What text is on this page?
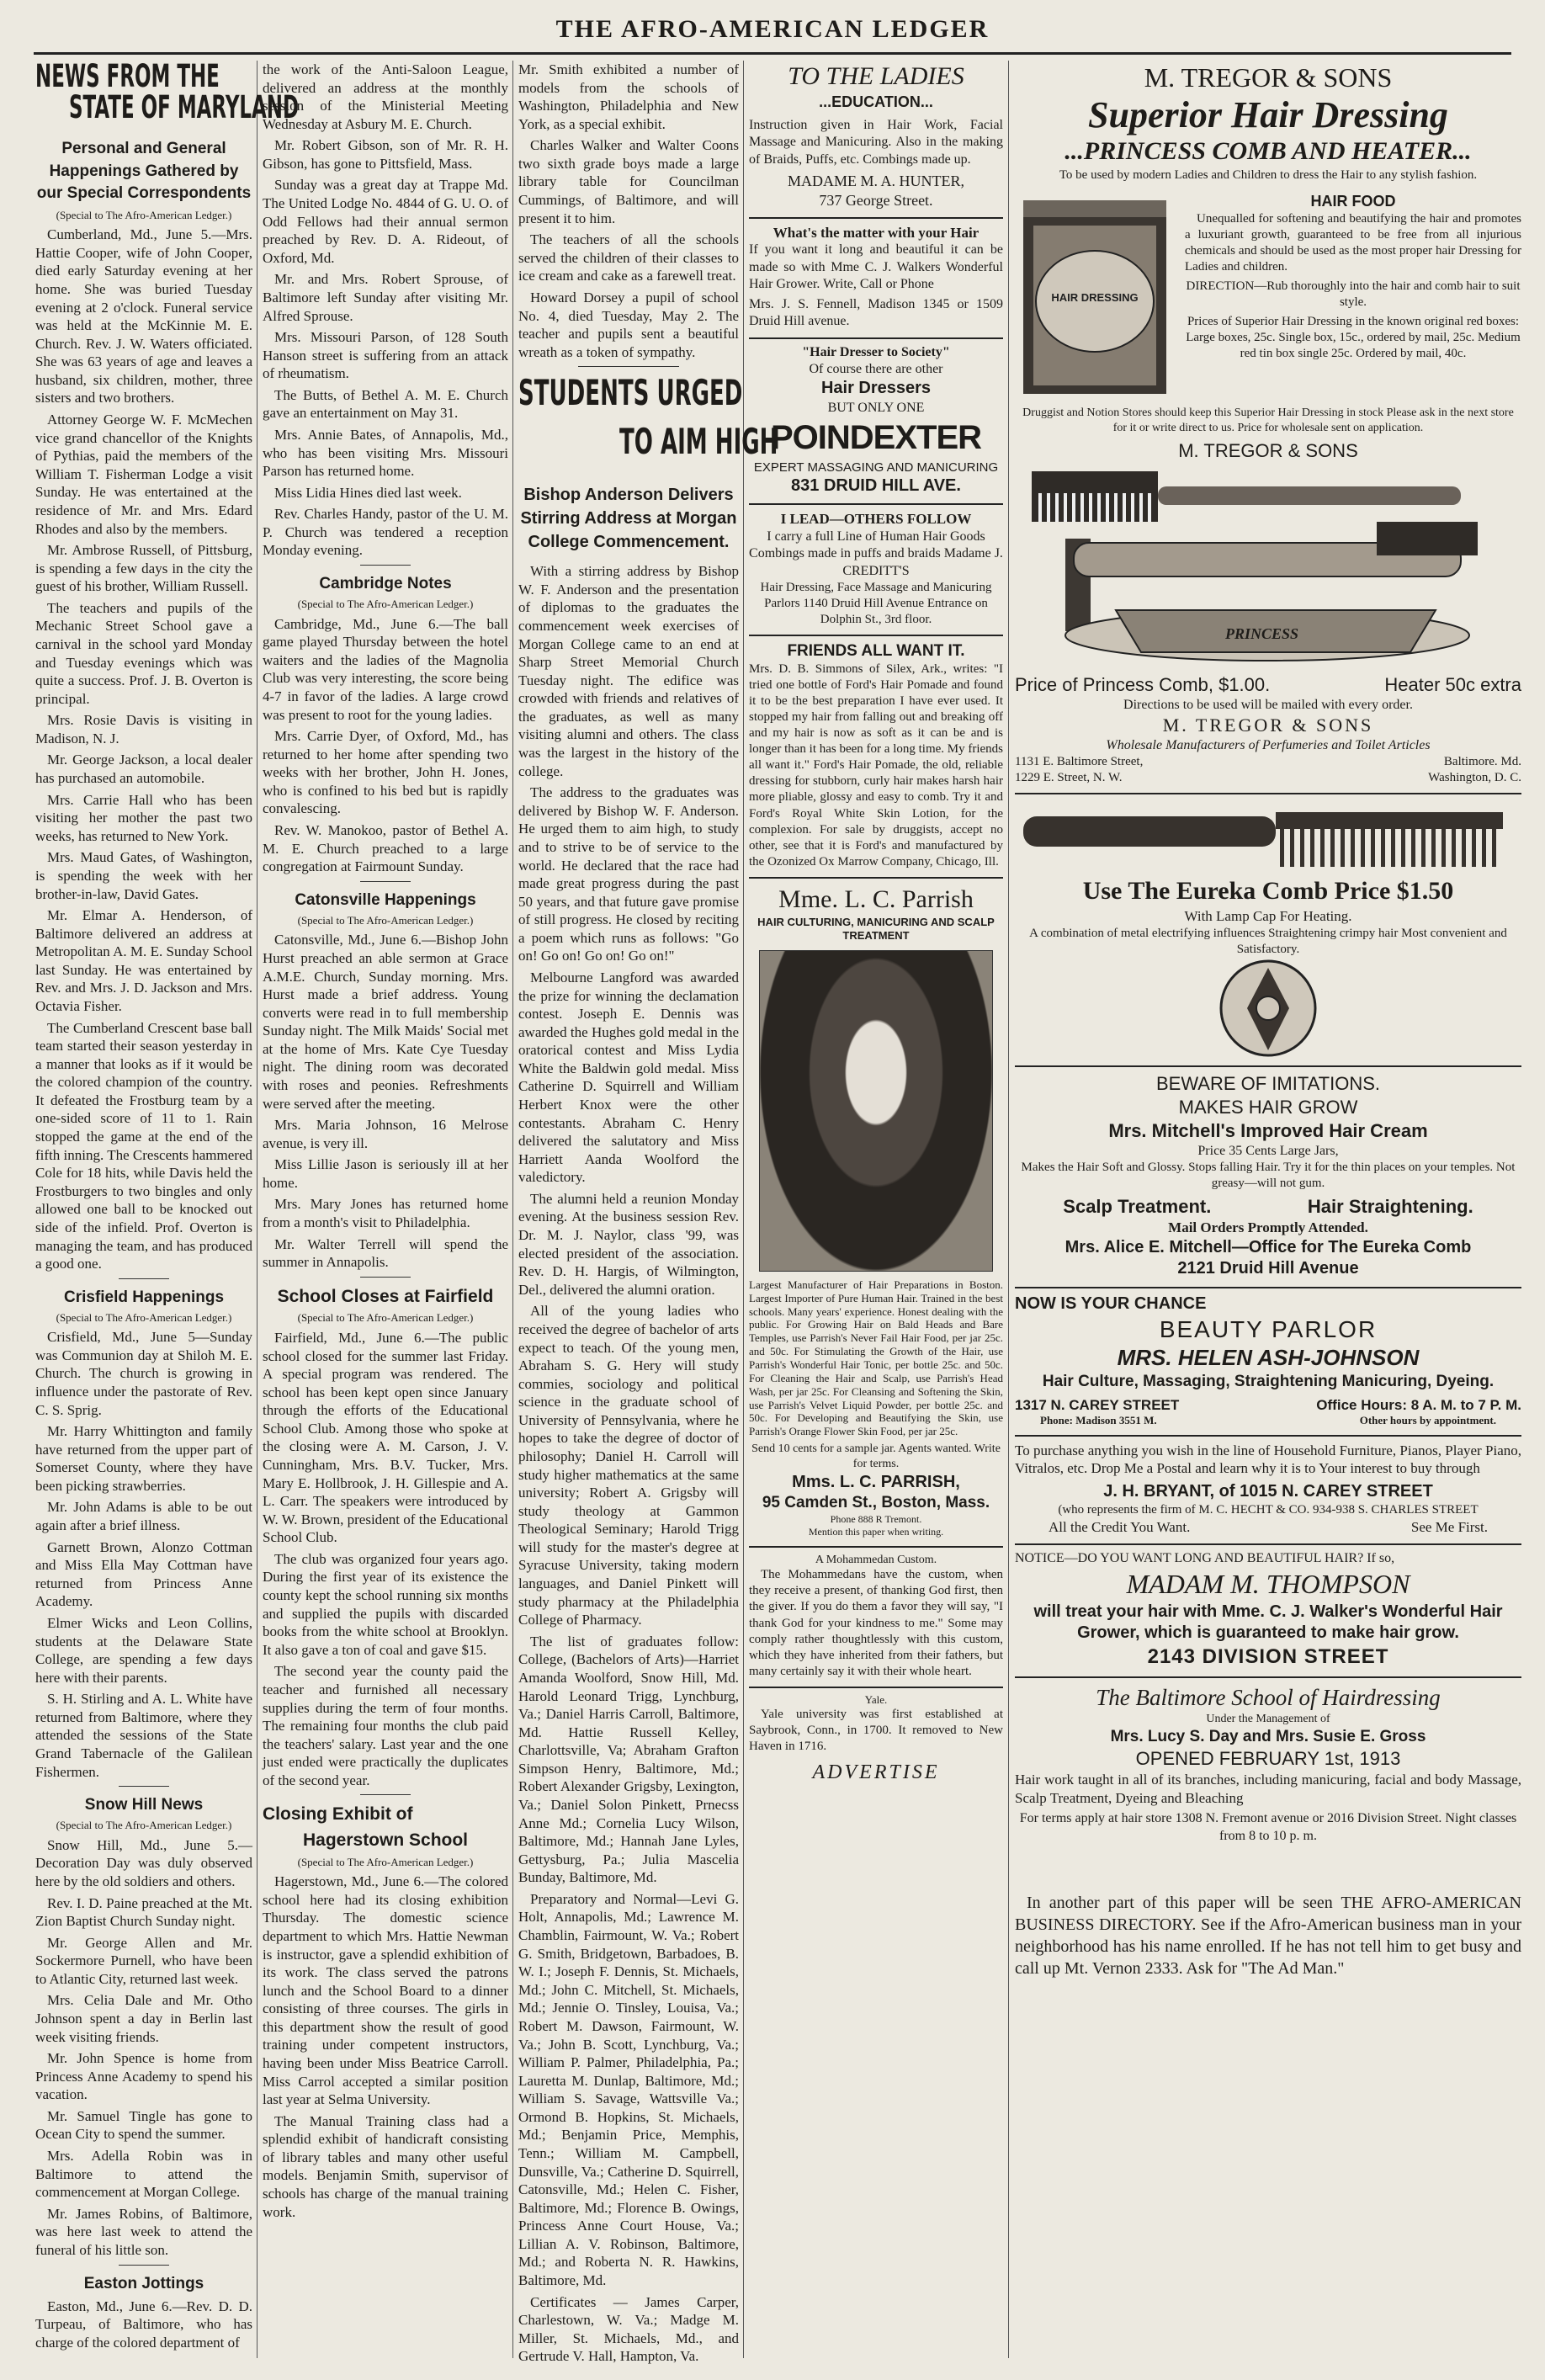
THE AFRO-AMERICAN LEDGER
NEWS FROM THE
STATE OF MARYLAND
Personal and General Happenings Gathered by our Special Correspondents

(Special to The Afro-American Ledger.)

Cumberland, Md., June 5.—Mrs. Hattie Cooper, wife of John Cooper, died early Saturday evening at her home. She was buried Tuesday evening at 2 o'clock. Funeral service was held at the McKinnie M. E. Church. Rev. J. W. Waters officiated. She was 63 years of age and leaves a husband, six children, mother, three sisters and two brothers.

Attorney George W. F. McMechen vice grand chancellor of the Knights of Pythias, paid the members of the William T. Fisherman Lodge a visit Sunday. He was entertained at the residence of Mr. and Mrs. Edard Rhodes and also by the members.

Mr. Ambrose Russell, of Pittsburg, is spending a few days in the city the guest of his brother, William Russell.

The teachers and pupils of the Mechanic Street School gave a carnival in the school yard Monday and Tuesday evenings which was quite a success. Prof. J. B. Overton is principal.

Mrs. Rosie Davis is visiting in Madison, N. J.

Mr. George Jackson, a local dealer has purchased an automobile.

Mrs. Carrie Hall who has been visiting her mother the past two weeks, has returned to New York.

Mrs. Maud Gates, of Washington, is spending the week with her brother-in-law, David Gates.

Mr. Elmar A. Henderson, of Baltimore delivered an address at Metropolitan A. M. E. Sunday School last Sunday. He was entertained by Rev. and Mrs. J. D. Jackson and Mrs. Octavia Fisher.

The Cumberland Crescent base ball team started their season yesterday in a manner that looks as if it would be the colored champion of the country. It defeated the Frostburg team by a one-sided score of 11 to 1. Rain stopped the game at the end of the fifth inning. The Crescents hammered Cole for 18 hits, while Davis held the Frostburgers to two bingles and only allowed one ball to be knocked out side of the infield. Prof. Overton is managing the team, and has produced a good one.

Crisfield Happenings

(Special to The Afro-American Ledger.)

Crisfield, Md., June 5—Sunday was Communion day at Shiloh M. E. Church. The church is growing in influence under the pastorate of Rev. C. S. Sprig.

Mr. Harry Whittington and family have returned from the upper part of Somerset County, where they have been picking strawberries.

Mr. John Adams is able to be out again after a brief illness.

Garnett Brown, Alonzo Cottman and Miss Ella May Cottman have returned from Princess Anne Academy.

Elmer Wicks and Leon Collins, students at the Delaware State College, are spending a few days here with their parents.

S. H. Stirling and A. L. White have returned from Baltimore, where they attended the sessions of the State Grand Tabernacle of the Galilean Fishermen.

Snow Hill News

(Special to The Afro-American Ledger.)

Snow Hill, Md., June 5.—Decoration Day was duly observed here by the old soldiers and others.

Rev. I. D. Paine preached at the Mt. Zion Baptist Church Sunday night.

Mr. George Allen and Mr. Sockermore Purnell, who have been to Atlantic City, returned last week.

Mrs. Celia Dale and Mr. Otho Johnson spent a day in Berlin last week visiting friends.

Mr. John Spence is home from Princess Anne Academy to spend his vacation.

Mr. Samuel Tingle has gone to Ocean City to spend the summer.

Mrs. Adella Robin was in Baltimore to attend the commencement at Morgan College.

Mr. James Robins, of Baltimore, was here last week to attend the funeral of his little son.

Easton Jottings

Easton, Md., June 6.—Rev. D. D. Turpeau, of Baltimore, who has charge of the colored department of

the work of the Anti-Saloon League, delivered an address at the monthly session of the Ministerial Meeting Wednesday at Asbury M. E. Church.

Mr. Robert Gibson, son of Mr. R. H. Gibson, has gone to Pittsfield, Mass.

Sunday was a great day at Trappe Md. The United Lodge No. 4844 of G. U. O. of Odd Fellows had their annual sermon preached by Rev. D. A. Rideout, of Oxford, Md.

Mr. and Mrs. Robert Sprouse, of Baltimore left Sunday after visiting Mr. Alfred Sprouse.

Mrs. Missouri Parson, of 128 South Hanson street is suffering from an attack of rheumatism.

The Butts, of Bethel A. M. E. Church gave an entertainment on May 31.

Mrs. Annie Bates, of Annapolis, Md., who has been visiting Mrs. Missouri Parson has returned home.

Miss Lidia Hines died last week.

Rev. Charles Handy, pastor of the U. M. P. Church was tendered a reception Monday evening.

Cambridge Notes

(Special to The Afro-American Ledger.)

Cambridge, Md., June 6.—The ball game played Thursday between the hotel waiters and the ladies of the Magnolia Club was very interesting, the score being 4-7 in favor of the ladies. A large crowd was present to root for the young ladies.

Mrs. Carrie Dyer, of Oxford, Md., has returned to her home after spending two weeks with her brother, John H. Jones, who is confined to his bed but is rapidly convalescing.

Rev. W. Manokoo, pastor of Bethel A. M. E. Church preached to a large congregation at Fairmount Sunday.

Catonsville Happenings

(Special to The Afro-American Ledger.)

Catonsville, Md., June 6.—Bishop John Hurst preached an able sermon at Grace A.M.E. Church, Sunday morning. Mrs. Hurst made a brief address. Young converts were read in to full membership Sunday night. The Milk Maids' Social met at the home of Mrs. Kate Cye Tuesday night. The dining room was decorated with roses and peonies. Refreshments were served after the meeting.

Mrs. Maria Johnson, 16 Melrose avenue, is very ill.

Miss Lillie Jason is seriously ill at her home.

Mrs. Mary Jones has returned home from a month's visit to Philadelphia.

Mr. Walter Terrell will spend the summer in Annapolis.

School Closes at Fairfield

(Special to The Afro-American Ledger.)

Fairfield, Md., June 6.—The public school closed for the summer last Friday. A special program was rendered. The school has been kept open since January through the efforts of the Educational School Club. Among those who spoke at the closing were A. M. Carson, J. V. Cunningham, Mrs. B.V. Tucker, Mrs. Mary E. Hollbrook, J. H. Gillespie and A. L. Carr. The speakers were introduced by W. W. Brown, president of the Educational School Club.

The club was organized four years ago. During the first year of its existence the county kept the school running six months and supplied the pupils with discarded books from the white school at Brooklyn. It also gave a ton of coal and gave $15.

The second year the county paid the teacher and furnished all necessary supplies during the term of four months. The remaining four months the club paid the teachers' salary. Last year and the one just ended were practically the duplicates of the second year.

Closing Exhibit of
Hagerstown School

(Special to The Afro-American Ledger.)

Hagerstown, Md., June 6.—The colored school here had its closing exhibition Thursday. The domestic science department to which Mrs. Hattie Newman is instructor, gave a splendid exhibition of its work. The class served the patrons lunch and the School Board to a dinner consisting of three courses. The girls in this department show the result of good training under competent instructors, having been under Miss Beatrice Carroll. Miss Carrol accepted a similar position last year at Selma University.

The Manual Training class had a splendid exhibit of handicraft consisting of library tables and many other useful models. Benjamin Smith, supervisor of schools has charge of the manual training work.

Mr. Smith exhibited a number of models from the schools of Washington, Philadelphia and New York, as a special exhibit.

Charles Walker and Walter Coons two sixth grade boys made a large library table for Councilman Cummings, of Baltimore, and will present it to him.

The teachers of all the schools served the children of their classes to ice cream and cake as a farewell treat.

Howard Dorsey a pupil of school No. 4, died Tuesday, May 2. The teacher and pupils sent a beautiful wreath as a token of sympathy.

STUDENTS URGED
TO AIM HIGH
Bishop Anderson Delivers Stirring Address at Morgan College Commencement.

With a stirring address by Bishop W. F. Anderson and the presentation of diplomas to the graduates the commencement week exercises of Morgan College came to an end at Sharp Street Memorial Church Tuesday night. The edifice was crowded with friends and relatives of the graduates, as well as many visiting alumni and others. The class was the largest in the history of the college.

The address to the graduates was delivered by Bishop W. F. Anderson. He urged them to aim high, to study and to strive to be of service to the world. He declared that the race had made great progress during the past 50 years, and that future gave promise of still progress. He closed by reciting a poem which runs as follows: "Go on! Go on! Go on! Go on!"

Melbourne Langford was awarded the prize for winning the declamation contest. Joseph E. Dennis was awarded the Hughes gold medal in the oratorical contest and Miss Lydia White the Baldwin gold medal. Miss Catherine D. Squirrell and William Herbert Knox were the other contestants. Abraham C. Henry delivered the salutatory and Miss Harriett Aanda Woolford the valedictory.

The alumni held a reunion Monday evening. At the business session Rev. Dr. M. J. Naylor, class '99, was elected president of the association. Rev. D. H. Hargis, of Wilmington, Del., delivered the alumni oration.

All of the young ladies who received the degree of bachelor of arts expect to teach. Of the young men, Abraham S. G. Hery will study commies, sociology and political science in the graduate school of University of Pennsylvania, where he hopes to take the degree of doctor of philosophy; Daniel H. Carroll will study higher mathematics at the same university; Robert A. Grigsby will study theology at Gammon Theological Seminary; Harold Trigg will study for the master's degree at Syracuse University, taking modern languages, and Daniel Pinkett will study pharmacy at the Philadelphia College of Pharmacy.

The list of graduates follow: College, (Bachelors of Arts)—Harriet Amanda Woolford, Snow Hill, Md. Harold Leonard Trigg, Lynchburg, Va.; Daniel Harris Carroll, Baltimore, Md. Hattie Russell Kelley, Charlottsville, Va; Abraham Grafton Simpson Henry, Baltimore, Md.; Robert Alexander Grigsby, Lexington, Va.; Daniel Solon Pinkett, Prnecss Anne Md.; Cornelia Lucy Wilson, Baltimore, Md.; Hannah Jane Lyles, Gettysburg, Pa.; Julia Mascelia Bunday, Baltimore, Md.

Preparatory and Normal—Levi G. Holt, Annapolis, Md.; Lawrence M. Chamblin, Fairmount, W. Va.; Robert G. Smith, Bridgetown, Barbadoes, B. W. I.; Joseph F. Dennis, St. Michaels, Md.; John C. Mitchell, St. Michaels, Md.; Jennie O. Tinsley, Louisa, Va.; Robert M. Dawson, Fairmount, W. Va.; John B. Scott, Lynchburg, Va.; William P. Palmer, Philadelphia, Pa.; Lauretta M. Dunlap, Baltimore, Md.; William S. Savage, Wattsville Va.; Ormond B. Hopkins, St. Michaels, Md.; Benjamin Price, Memphis, Tenn.; William M. Campbell, Dunsville, Va.; Catherine D. Squirrell, Catonsville, Md.; Helen C. Fisher, Baltimore, Md.; Florence B. Owings, Princess Anne Court House, Va.; Lillian A. V. Robinson, Baltimore, Md.; and Roberta N. R. Hawkins, Baltimore, Md.

Certificates — James Carper, Charlestown, W. Va.; Madge M. Miller, St. Michaels, Md., and Gertrude V. Hall, Hampton, Va.

TO THE LADIES
...EDUCATION...

Instruction given in Hair Work, Facial Massage and Manicuring. Also in the making of Braids, Puffs, etc. Combings made up.

MADAME M. A. HUNTER,
737 George Street.
What's the matter with your Hair

If you want it long and beautiful it can be made so with Mme C. J. Walkers Wonderful Hair Grower. Write, Call or Phone

Mrs. J. S. Fennell, Madison 1345 or 1509 Druid Hill avenue.

"Hair Dresser to Society"
Of course there are other
Hair Dressers
BUT ONLY ONE
POINDEXTER
EXPERT MASSAGING AND MANICURING
831 DRUID HILL AVE.
I LEAD—OTHERS FOLLOW
I carry a full Line of Human Hair Goods Combings made in puffs and braids Madame J. CREDITT'S
Hair Dressing, Face Massage and Manicuring Parlors 1140 Druid Hill Avenue Entrance on Dolphin St., 3rd floor.
FRIENDS ALL WANT IT.

Mrs. D. B. Simmons of Silex, Ark., writes: "I tried one bottle of Ford's Hair Pomade and found it to be the best preparation I have ever used. It stopped my hair from falling out and breaking off and my hair is now as soft as it can be and is longer than it has been for a long time. My friends all want it." Ford's Hair Pomade, the old, reliable dressing for stubborn, curly hair makes harsh hair more pliable, glossy and easy to comb. Try it and Ford's Royal White Skin Lotion, for the complexion. For sale by druggists, accept no other, see that it is Ford's and manufactured by the Ozonized Ox Marrow Company, Chicago, Ill.

Mme. L. C. Parrish
HAIR CULTURING, MANICURING AND SCALP TREATMENT

Largest Manufacturer of Hair Preparations in Boston. Largest Importer of Pure Human Hair. Trained in the best schools. Many years' experience. Honest dealing with the public. For Growing Hair on Bald Heads and Bare Temples, use Parrish's Never Fail Hair Food, per jar 25c. and 50c. For Stimulating the Growth of the Hair, use Parrish's Wonderful Hair Tonic, per bottle 25c. and 50c. For Cleaning the Hair and Scalp, use Parrish's Head Wash, per jar 25c. For Cleansing and Softening the Skin, use Parrish's Velvet Liquid Powder, per bottle 25c. and 50c. For Developing and Beautifying the Skin, use Parrish's Orange Flower Skin Food, per jar 25c.

Send 10 cents for a sample jar. Agents wanted. Write for terms.
Mms. L. C. PARRISH,
95 Camden St., Boston, Mass.
Phone 888 R Tremont.
Mention this paper when writing.
A Mohammedan Custom.

The Mohammedans have the custom, when they receive a present, of thanking God first, then the giver. If you do them a favor they will say, "I thank God for your kindness to me." Some may comply rather thoughtlessly with this custom, which they have inherited from their fathers, but many certainly say it with their whole heart.

Yale.

Yale university was first established at Saybrook, Conn., in 1700. It removed to New Haven in 1716.

ADVERTISE
M. TREGOR & SONS
Superior Hair Dressing
...PRINCESS COMB AND HEATER...
To be used by modern Ladies and Children to dress the Hair to any stylish fashion.
HAIR DRESSING
HAIR FOOD

Unequalled for softening and beautifying the hair and promotes a luxuriant growth, guaranteed to be free from all injurious chemicals and should be used as the most proper hair Dressing for Ladies and children.

DIRECTION—Rub thoroughly into the hair and comb hair to suit style.

Prices of Superior Hair Dressing in the known original red boxes: Large boxes, 25c. Single box, 15c., ordered by mail, 25c. Medium red tin box single 25c. Ordered by mail, 40c.

Druggist and Notion Stores should keep this Superior Hair Dressing in stock Please ask in the next store for it or write direct to us. Price for wholesale sent on application.

M. TREGOR & SONS
PRINCESS
Price of Princess Comb, $1.00.	Heater 50c extra
Directions to be used will be mailed with every order.
M. TREGOR & SONS
Wholesale Manufacturers of Perfumeries and Toilet Articles
1131 E. Baltimore Street,	Baltimore. Md.
1229 E. Street, N. W.	Washington, D. C.
Use The Eureka Comb Price $1.50
With Lamp Cap For Heating.
A combination of metal electrifying influences Straightening crimpy hair Most convenient and Satisfactory.
BEWARE OF IMITATIONS.
MAKES HAIR GROW
Mrs. Mitchell's Improved Hair Cream
Price 35 Cents Large Jars,

Makes the Hair Soft and Glossy. Stops falling Hair. Try it for the thin places on your temples. Not greasy—will not gum.

Scalp Treatment.	Hair Straightening.
Mail Orders Promptly Attended.
Mrs. Alice E. Mitchell—Office for The Eureka Comb
2121 Druid Hill Avenue
NOW IS YOUR CHANCE
BEAUTY PARLOR
MRS. HELEN ASH-JOHNSON
Hair Culture, Massaging, Straightening Manicuring, Dyeing.
1317 N. CAREY STREET	Office Hours: 8 A. M. to 7 P. M.
Phone: Madison 3551 M.	Other hours by appointment.

To purchase anything you wish in the line of Household Furniture, Pianos, Player Piano, Vitralos, etc. Drop Me a Postal and learn why it is to Your interest to buy through

J. H. BRYANT, of 1015 N. CAREY STREET
(who represents the firm of M. C. HECHT & CO. 934-938 S. CHARLES STREET
All the Credit You Want.	See Me First.
NOTICE—DO YOU WANT LONG AND BEAUTIFUL HAIR? If so,
MADAM M. THOMPSON
will treat your hair with Mme. C. J. Walker's Wonderful Hair Grower, which is guaranteed to make hair grow.
2143 DIVISION STREET
The Baltimore School of Hairdressing
Under the Management of
Mrs. Lucy S. Day and Mrs. Susie E. Gross
OPENED FEBRUARY 1st, 1913

Hair work taught in all of its branches, including manicuring, facial and body Massage, Scalp Treatment, Dyeing and Bleaching

For terms apply at hair store 1308 N. Fremont avenue or 2016 Division Street. Night classes from 8 to 10 p. m.

In another part of this paper will be seen THE AFRO-AMERICAN BUSINESS DIRECTORY. See if the Afro-American business man in your neighborhood has his name enrolled. If he has not tell him to get busy and call up Mt. Vernon 2333. Ask for "The Ad Man."
